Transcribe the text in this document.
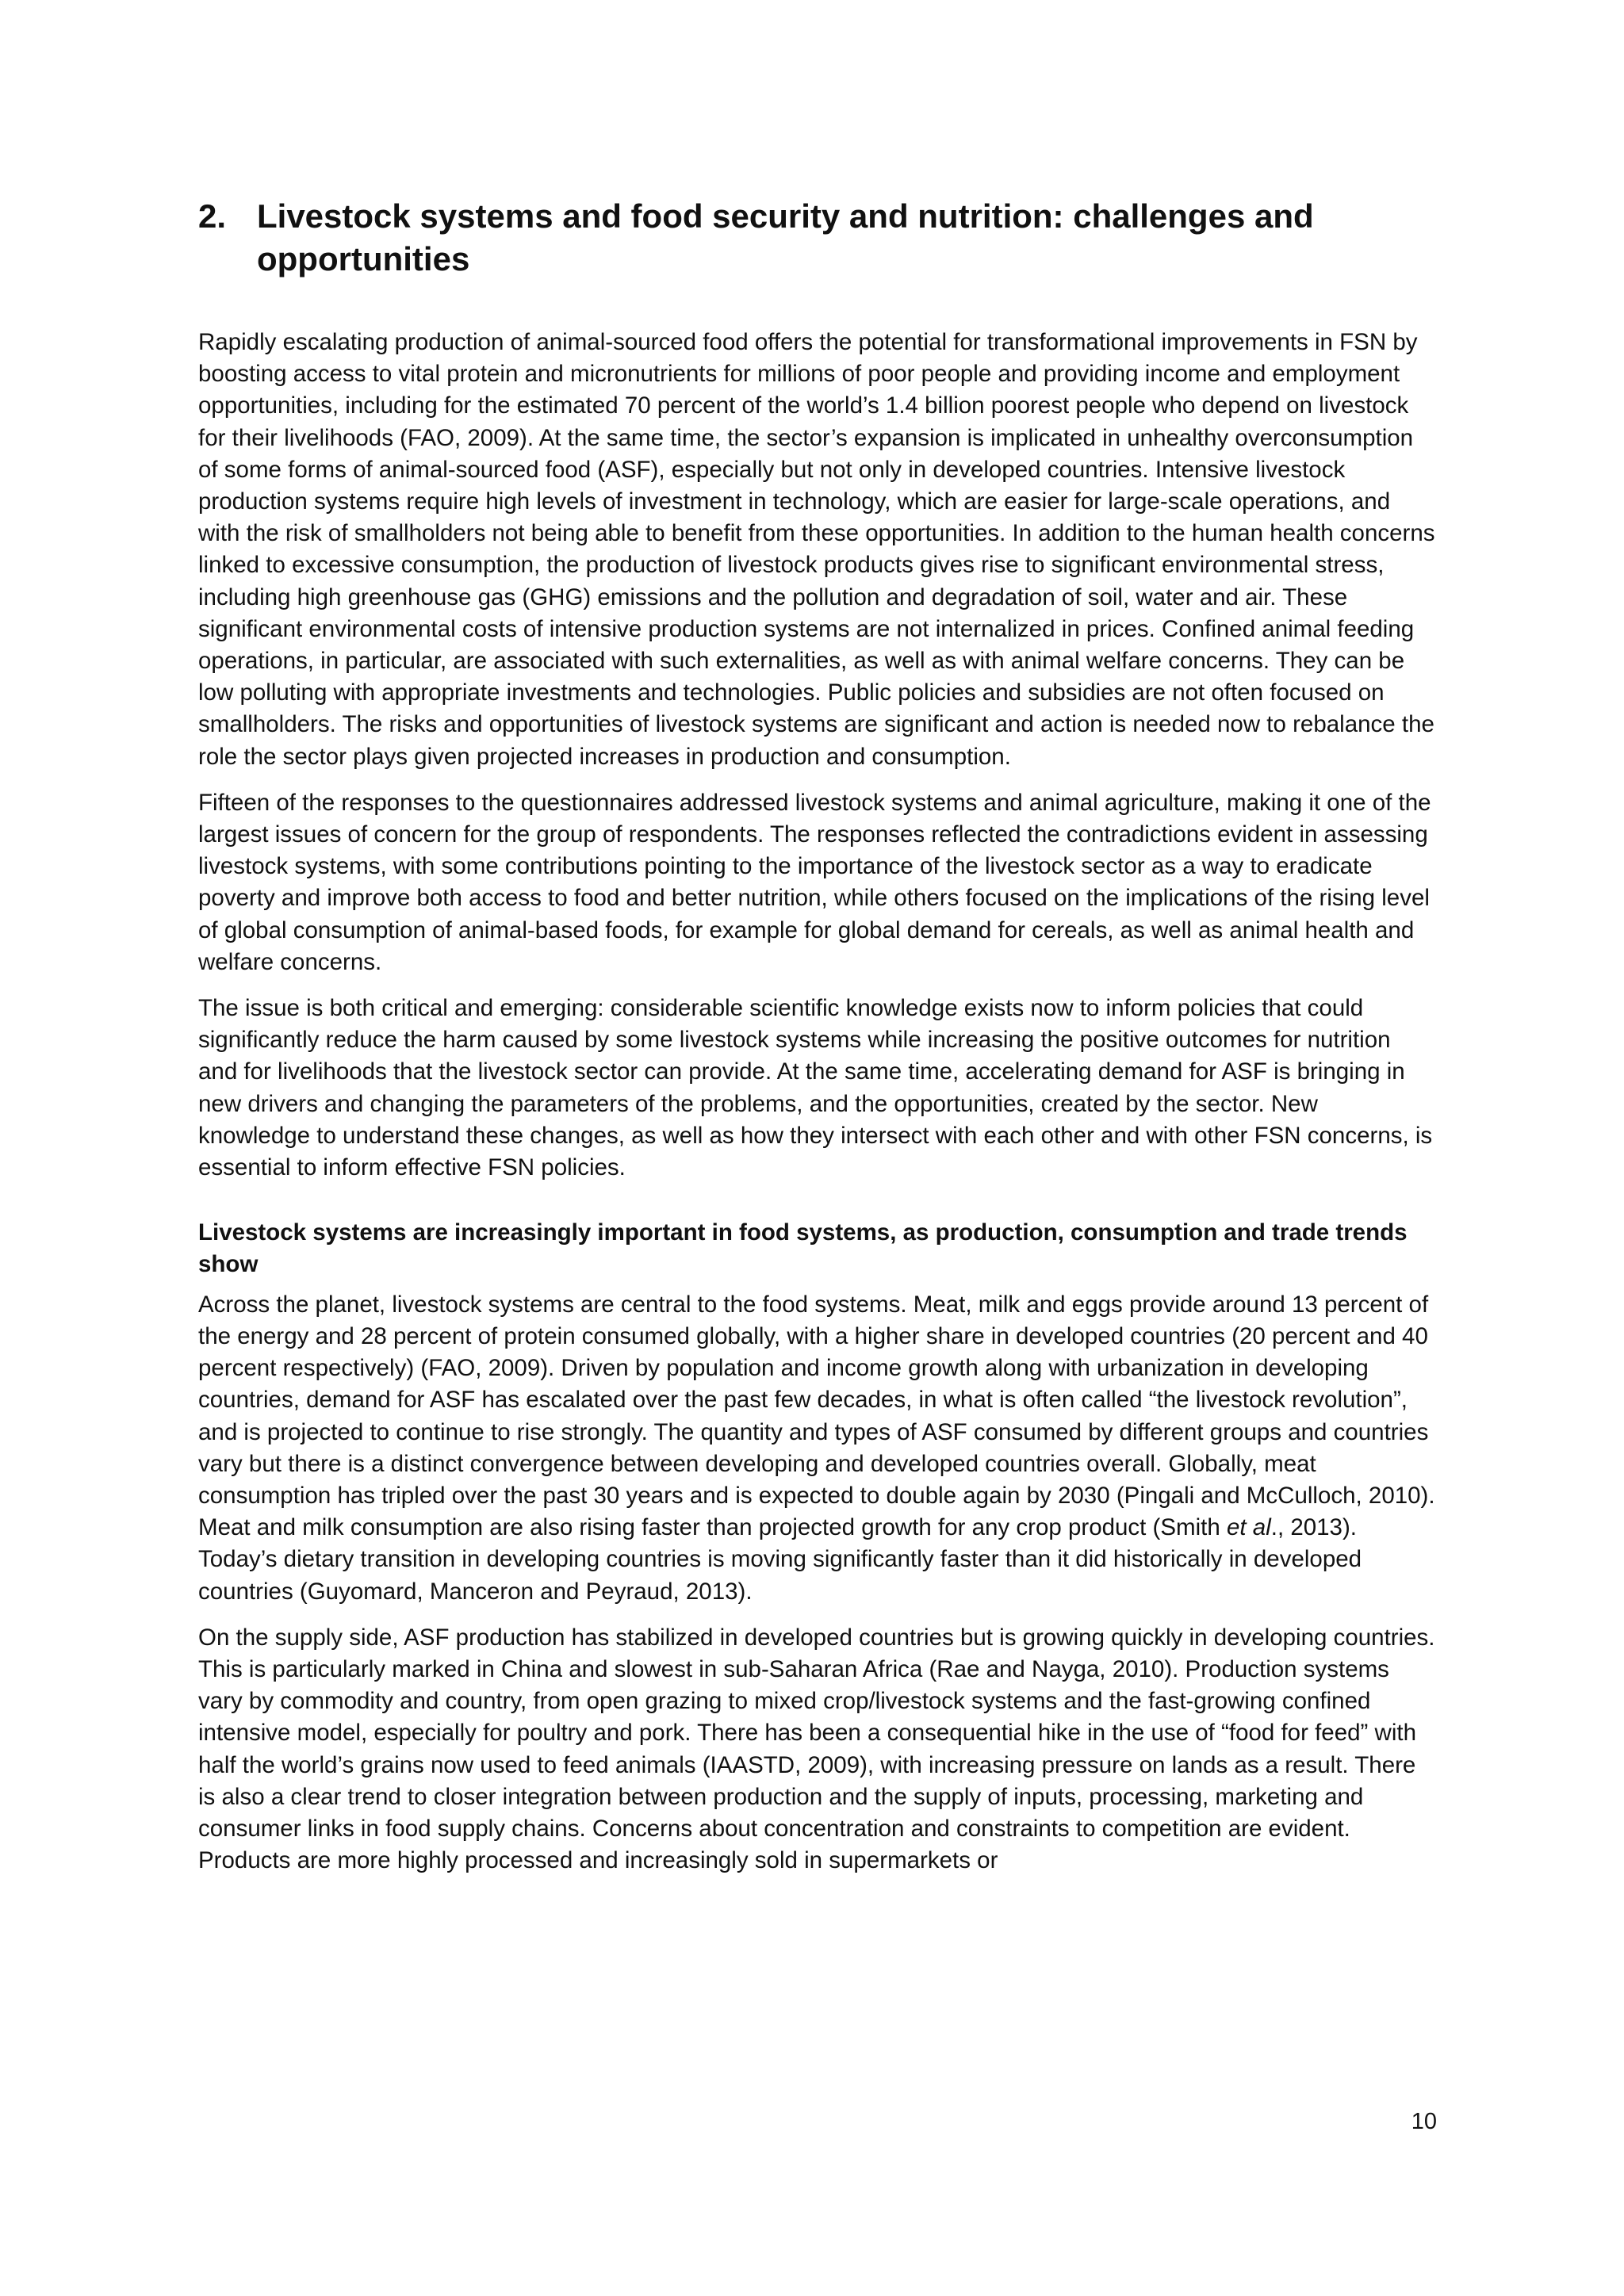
2. Livestock systems and food security and nutrition: challenges and opportunities

Rapidly escalating production of animal-sourced food offers the potential for transformational improvements in FSN by boosting access to vital protein and micronutrients for millions of poor people and providing income and employment opportunities, including for the estimated 70 percent of the world’s 1.4 billion poorest people who depend on livestock for their livelihoods (FAO, 2009). At the same time, the sector’s expansion is implicated in unhealthy overconsumption of some forms of animal-sourced food (ASF), especially but not only in developed countries. Intensive livestock production systems require high levels of investment in technology, which are easier for large-scale operations, and with the risk of smallholders not being able to benefit from these opportunities. In addition to the human health concerns linked to excessive consumption, the production of livestock products gives rise to significant environmental stress, including high greenhouse gas (GHG) emissions and the pollution and degradation of soil, water and air. These significant environmental costs of intensive production systems are not internalized in prices. Confined animal feeding operations, in particular, are associated with such externalities, as well as with animal welfare concerns. They can be low polluting with appropriate investments and technologies. Public policies and subsidies are not often focused on smallholders. The risks and opportunities of livestock systems are significant and action is needed now to rebalance the role the sector plays given projected increases in production and consumption.

Fifteen of the responses to the questionnaires addressed livestock systems and animal agriculture, making it one of the largest issues of concern for the group of respondents. The responses reflected the contradictions evident in assessing livestock systems, with some contributions pointing to the importance of the livestock sector as a way to eradicate poverty and improve both access to food and better nutrition, while others focused on the implications of the rising level of global consumption of animal-based foods, for example for global demand for cereals, as well as animal health and welfare concerns.

The issue is both critical and emerging: considerable scientific knowledge exists now to inform policies that could significantly reduce the harm caused by some livestock systems while increasing the positive outcomes for nutrition and for livelihoods that the livestock sector can provide. At the same time, accelerating demand for ASF is bringing in new drivers and changing the parameters of the problems, and the opportunities, created by the sector. New knowledge to understand these changes, as well as how they intersect with each other and with other FSN concerns, is essential to inform effective FSN policies.

Livestock systems are increasingly important in food systems, as production, consumption and trade trends show

Across the planet, livestock systems are central to the food systems. Meat, milk and eggs provide around 13 percent of the energy and 28 percent of protein consumed globally, with a higher share in developed countries (20 percent and 40 percent respectively) (FAO, 2009). Driven by population and income growth along with urbanization in developing countries, demand for ASF has escalated over the past few decades, in what is often called “the livestock revolution”, and is projected to continue to rise strongly. The quantity and types of ASF consumed by different groups and countries vary but there is a distinct convergence between developing and developed countries overall. Globally, meat consumption has tripled over the past 30 years and is expected to double again by 2030 (Pingali and McCulloch, 2010). Meat and milk consumption are also rising faster than projected growth for any crop product (Smith et al., 2013). Today’s dietary transition in developing countries is moving significantly faster than it did historically in developed countries (Guyomard, Manceron and Peyraud, 2013).

On the supply side, ASF production has stabilized in developed countries but is growing quickly in developing countries. This is particularly marked in China and slowest in sub-Saharan Africa (Rae and Nayga, 2010). Production systems vary by commodity and country, from open grazing to mixed crop/livestock systems and the fast-growing confined intensive model, especially for poultry and pork. There has been a consequential hike in the use of “food for feed” with half the world’s grains now used to feed animals (IAASTD, 2009), with increasing pressure on lands as a result. There is also a clear trend to closer integration between production and the supply of inputs, processing, marketing and consumer links in food supply chains. Concerns about concentration and constraints to competition are evident. Products are more highly processed and increasingly sold in supermarkets or

10
